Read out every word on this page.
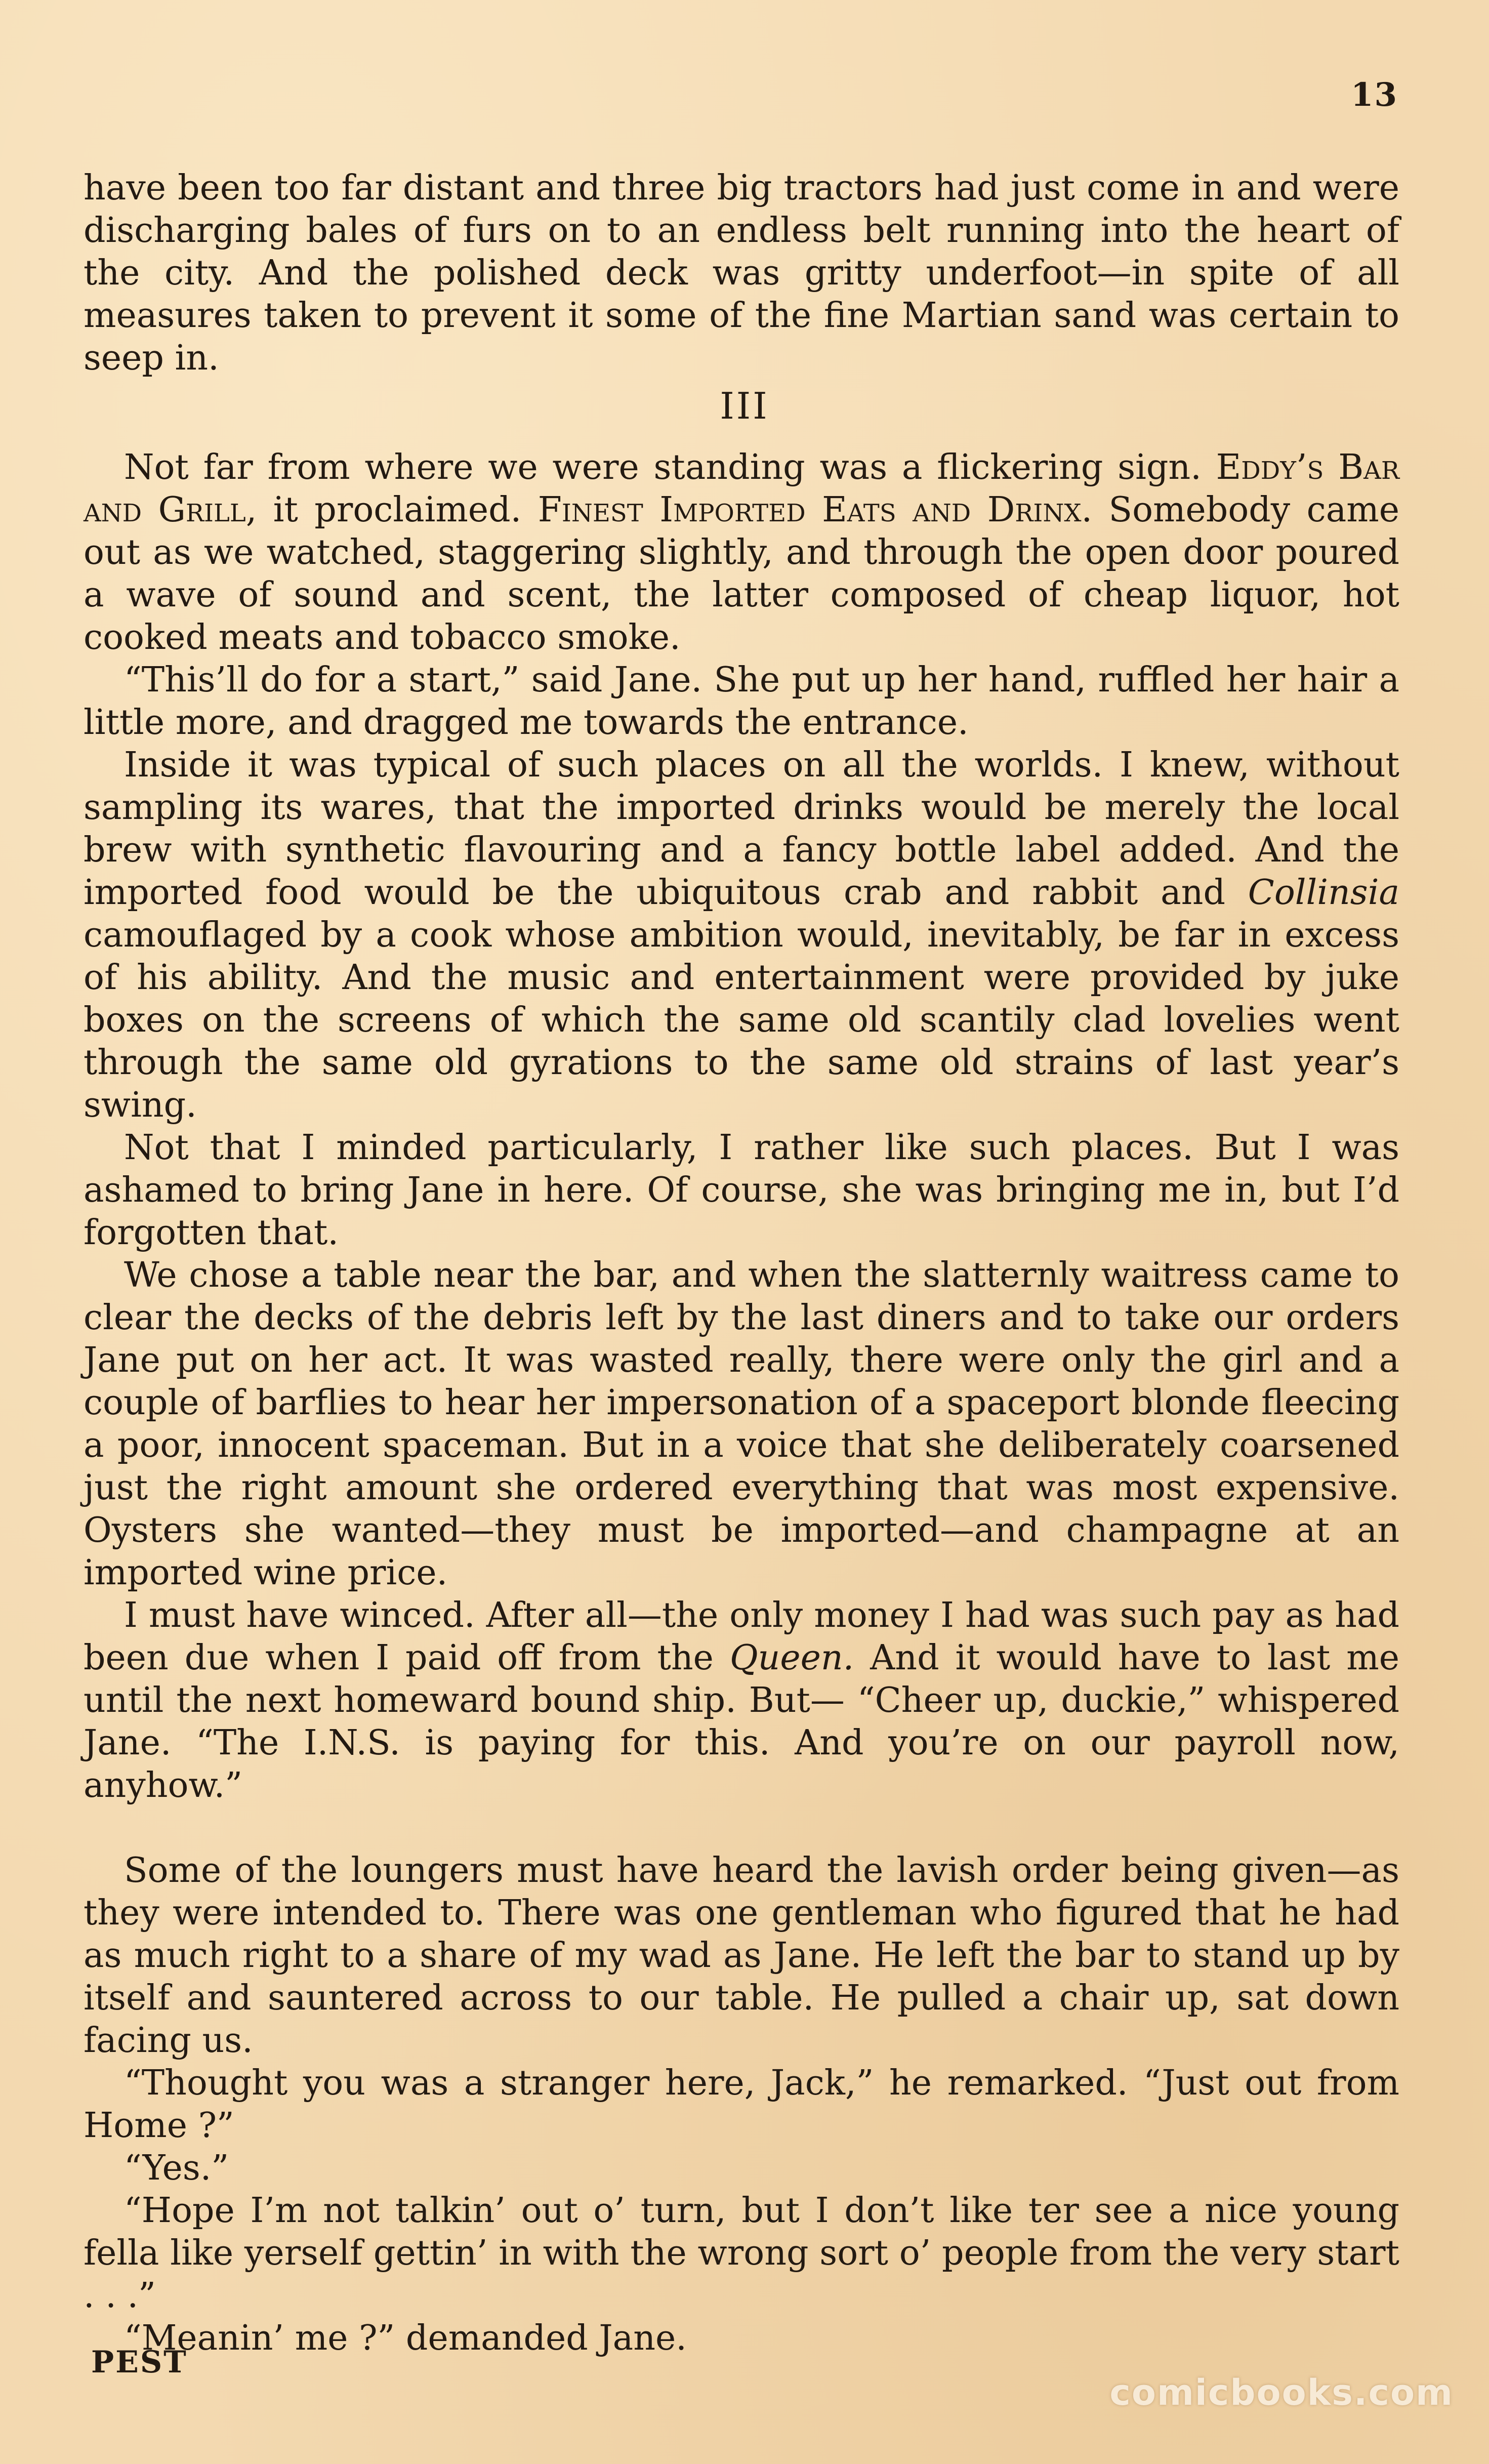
13

have been too far distant and three big tractors had just come in and were discharging bales of furs on to an endless belt running into the heart of the city. And the polished deck was gritty underfoot—in spite of all measures taken to prevent it some of the fine Martian sand was certain to seep in.

III

Not far from where we were standing was a flickering sign. Eddy’s Bar and Grill, it proclaimed. Finest Imported Eats and Drinx. Somebody came out as we watched, staggering slightly, and through the open door poured a wave of sound and scent, the latter composed of cheap liquor, hot cooked meats and tobacco smoke.

“This’ll do for a start,” said Jane. She put up her hand, ruffled her hair a little more, and dragged me towards the entrance.

Inside it was typical of such places on all the worlds. I knew, without sampling its wares, that the imported drinks would be merely the local brew with synthetic flavouring and a fancy bottle label added. And the imported food would be the ubiquitous crab and rabbit and Collinsia camouflaged by a cook whose ambition would, inevitably, be far in excess of his ability. And the music and entertainment were provided by juke boxes on the screens of which the same old scantily clad lovelies went through the same old gyrations to the same old strains of last year’s swing.

Not that I minded particularly, I rather like such places. But I was ashamed to bring Jane in here. Of course, she was bringing me in, but I’d forgotten that.

We chose a table near the bar, and when the slatternly waitress came to clear the decks of the debris left by the last diners and to take our orders Jane put on her act. It was wasted really, there were only the girl and a couple of barflies to hear her impersonation of a spaceport blonde fleecing a poor, innocent spaceman. But in a voice that she deliberately coarsened just the right amount she ordered everything that was most expensive. Oysters she wanted—they must be imported—and champagne at an imported wine price.

I must have winced. After all—the only money I had was such pay as had been due when I paid off from the Queen. And it would have to last me until the next homeward bound ship. But— “Cheer up, duckie,” whispered Jane. “The I.N.S. is paying for this. And you’re on our payroll now, anyhow.”

Some of the loungers must have heard the lavish order being given—as they were intended to. There was one gentleman who figured that he had as much right to a share of my wad as Jane. He left the bar to stand up by itself and sauntered across to our table. He pulled a chair up, sat down facing us.

“Thought you was a stranger here, Jack,” he remarked. “Just out from Home ?”

“Yes.”

“Hope I’m not talkin’ out o’ turn, but I don’t like ter see a nice young fella like yerself gettin’ in with the wrong sort o’ people from the very start . . .”

“Meanin’ me ?” demanded Jane.

PEST
comicbooks.com
